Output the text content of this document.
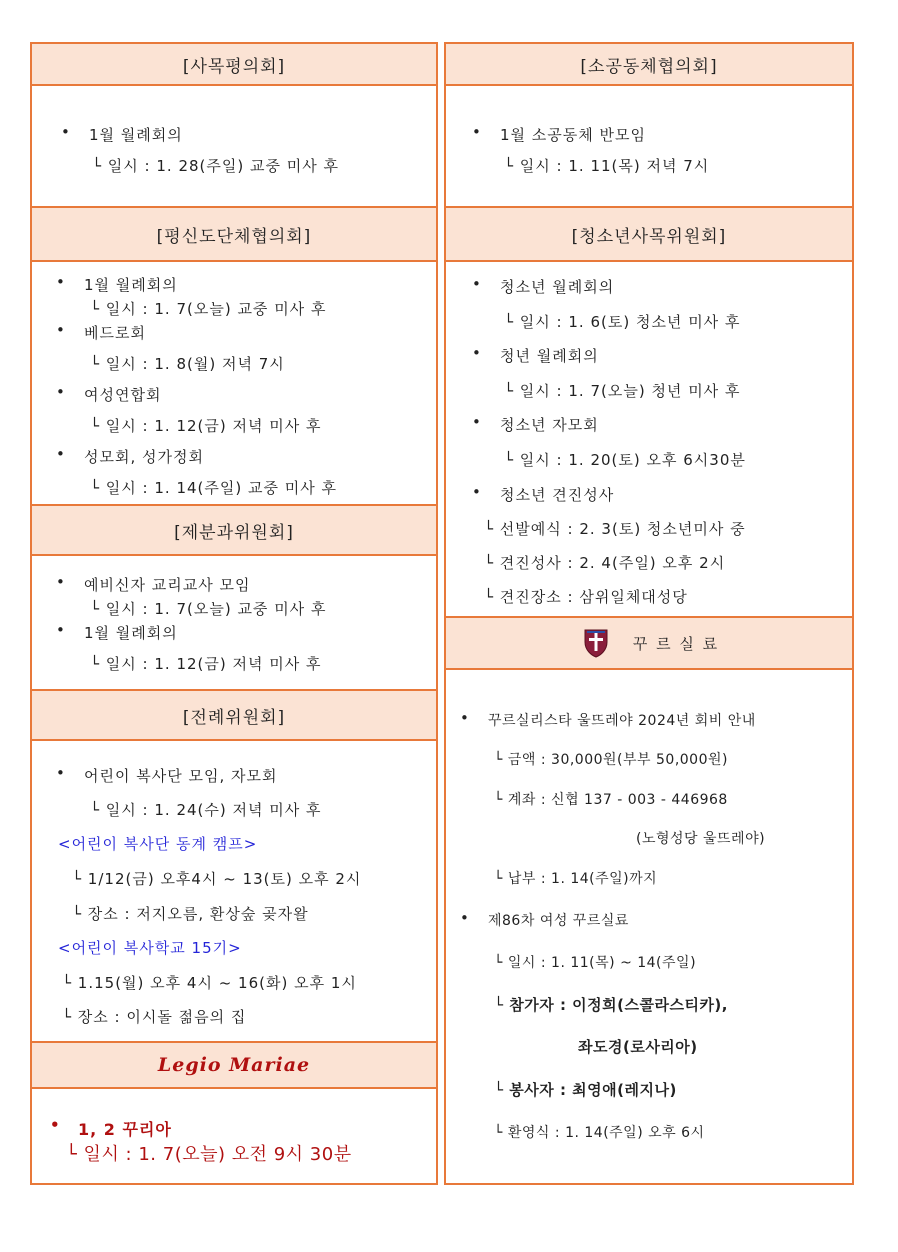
[사목평의회]
• 1월 월례회의
└ 일시 : 1. 28(주일) 교중 미사 후
[평신도단체협의회]
• 1월 월례회의
└ 일시 : 1. 7(오늘) 교중 미사 후
• 베드로회
└ 일시 : 1. 8(월) 저녁 7시
• 여성연합회
└ 일시 : 1. 12(금) 저녁 미사 후
• 성모회, 성가정회
└ 일시 : 1. 14(주일) 교중 미사 후
[제분과위원회]
• 예비신자 교리교사 모임
└ 일시 : 1. 7(오늘) 교중 미사 후
• 1월 월례회의
└ 일시 : 1. 12(금) 저녁 미사 후
[전례위원회]
• 어린이 복사단 모임, 자모회
└ 일시 : 1. 24(수) 저녁 미사 후
<어린이 복사단 동계 캠프>
└ 1/12(금) 오후4시 ~ 13(토) 오후 2시
└ 장소 : 저지오름, 환상숲 곶자왈
<어린이 복사학교 15기>
└ 1.15(월) 오후 4시 ~ 16(화) 오후 1시
└ 장소 : 이시돌 젊음의 집
Legio Mariae
• 1, 2 꾸리아
└ 일시 : 1. 7(오늘) 오전 9시 30분
[소공동체협의회]
• 1월 소공동체 반모임
└ 일시 : 1. 11(목) 저녁 7시
[청소년사목위원회]
• 청소년 월례회의
└ 일시 : 1. 6(토) 청소년 미사 후
• 청년 월례회의
└ 일시 : 1. 7(오늘) 청년 미사 후
• 청소년 자모회
└ 일시 : 1. 20(토) 오후 6시30분
• 청소년 견진성사
└ 선발예식 : 2. 3(토) 청소년미사 중
└ 견진성사 : 2. 4(주일) 오후 2시
└ 견진장소 : 삼위일체대성당
꾸 르 실 료
• 꾸르실리스타 울뜨레야 2024년 회비 안내
└ 금액 : 30,000원(부부 50,000원)
└ 계좌 : 신협 137 - 003 - 446968
(노형성당 울뜨레야)
└ 납부 : 1. 14(주일)까지
• 제86차 여성 꾸르실료
└ 일시 : 1. 11(목) ~ 14(주일)
└ 참가자 : 이정희(스콜라스티카),
좌도경(로사리아)
└ 봉사자 : 최영애(레지나)
└ 환영식 : 1. 14(주일) 오후 6시
